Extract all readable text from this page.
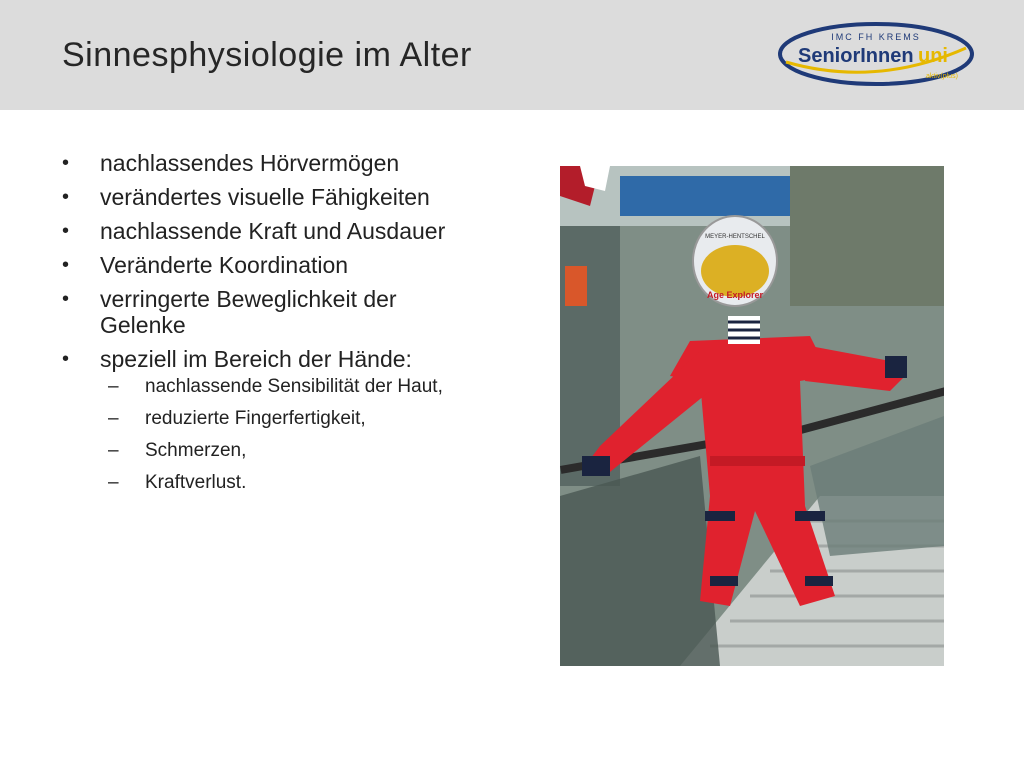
Sinnesphysiologie im Alter	IMC FH KREMS
SeniorInnen uni
aktiv(plus)
• nachlassendes Hörvermögen
• verändertes visuelle Fähigkeiten
• nachlassende Kraft und Ausdauer
• Veränderte Koordination
• verringerte Beweglichkeit der Gelenke
• speziell im Bereich der Hände:
– nachlassende Sensibilität der Haut,
– reduzierte Fingerfertigkeit,
– Schmerzen,
– Kraftverlust.
MEYER-HENTSCHEL
Age Explorer
